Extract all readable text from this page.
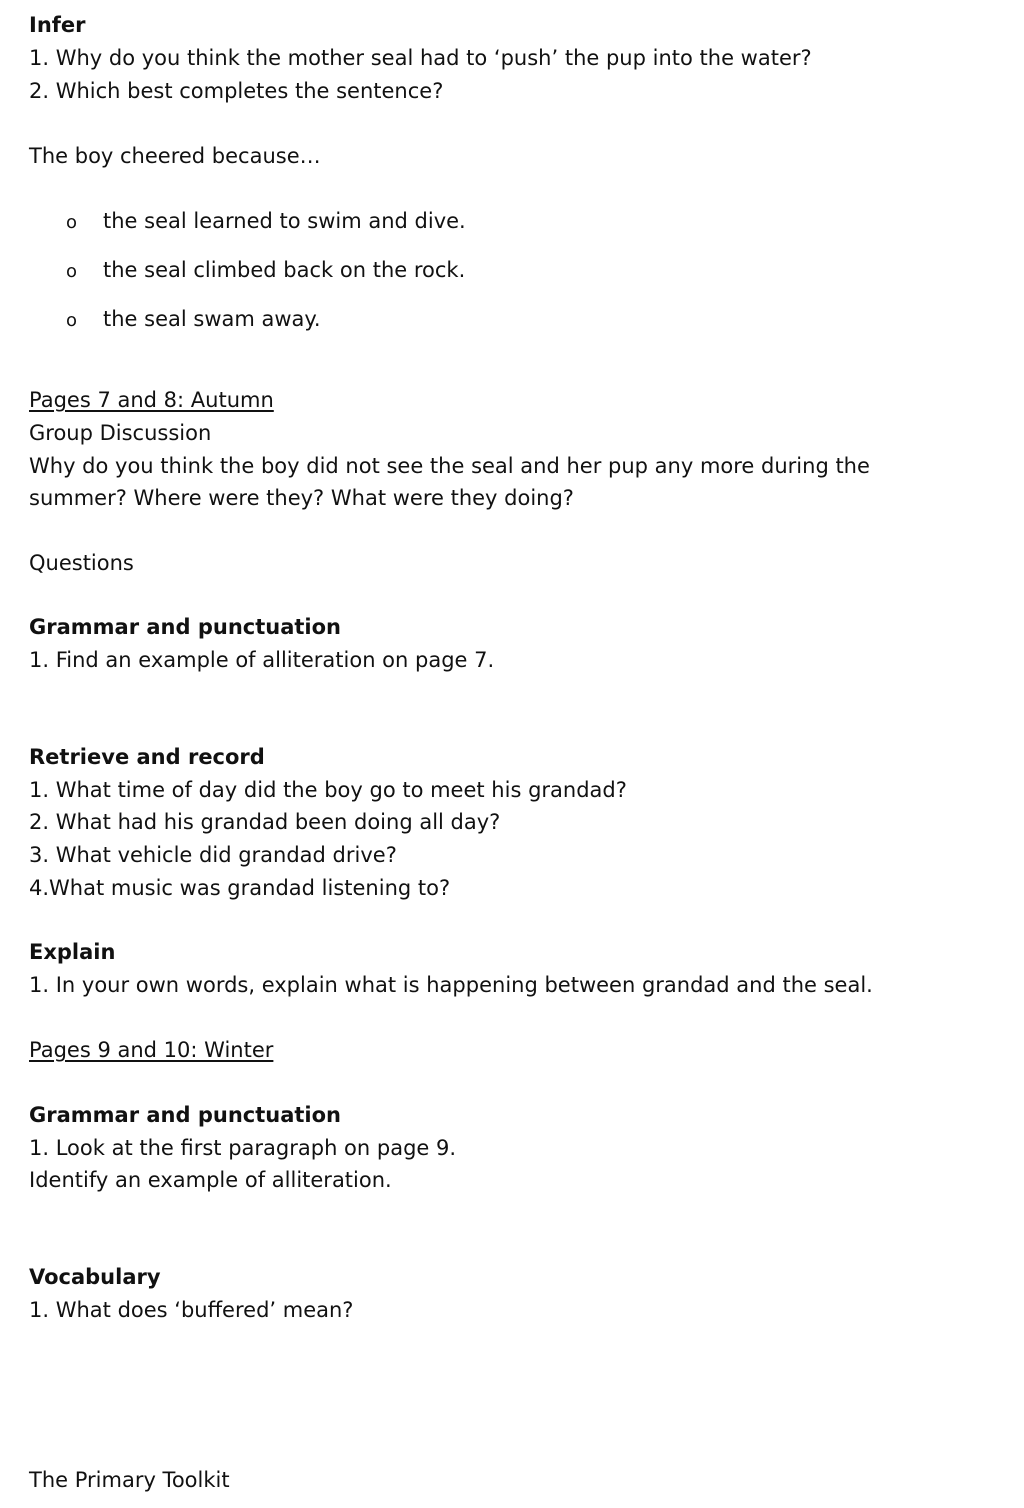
Infer
1. Why do you think the mother seal had to ‘push’ the pup into the water?
2. Which best completes the sentence?
The boy cheered because…
o the seal learned to swim and dive.
o the seal climbed back on the rock.
o the seal swam away.
Pages 7 and 8: Autumn
Group Discussion
Why do you think the boy did not see the seal and her pup any more during the summer? Where were they? What were they doing?
Questions
Grammar and punctuation
1. Find an example of alliteration on page 7.
Retrieve and record
1. What time of day did the boy go to meet his grandad?
2. What had his grandad been doing all day?
3. What vehicle did grandad drive?
4.What music was grandad listening to?
Explain
1. In your own words, explain what is happening between grandad and the seal.
Pages 9 and 10: Winter
Grammar and punctuation
1. Look at the first paragraph on page 9.
Identify an example of alliteration.
Vocabulary
1. What does ‘buffered’ mean?
The Primary Toolkit
